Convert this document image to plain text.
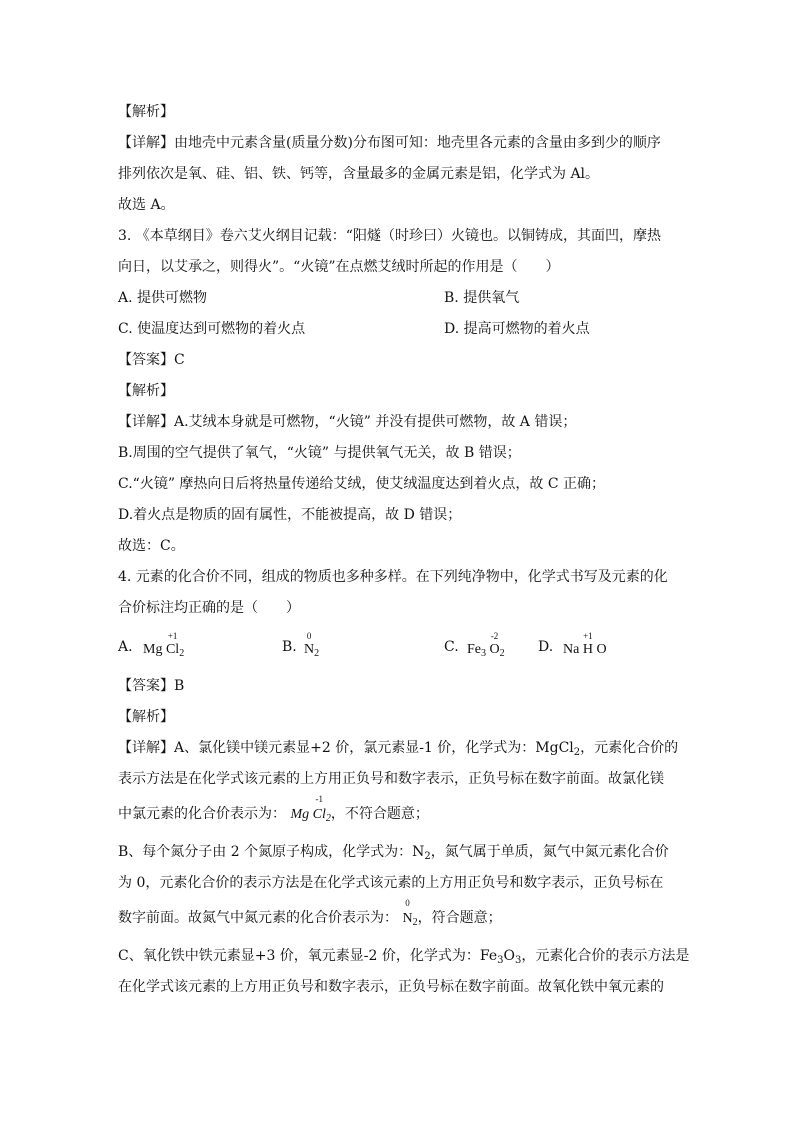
【解析】
【详解】由地壳中元素含量(质量分数)分布图可知：地壳里各元素的含量由多到少的顺序
排列依次是氧、硅、铝、铁、钙等，含量最多的金属元素是铝，化学式为 Al。
故选 A。
3. 《本草纲目》卷六艾火纲目记载：“阳燧（时珍曰）火镜也。以铜铸成，其面凹，摩热
向日，以艾承之，则得火”。“火镜”在点燃艾绒时所起的作用是（　　）
A. 提供可燃物	B. 提供氧气
C. 使温度达到可燃物的着火点	D. 提高可燃物的着火点
【答案】C
【解析】
【详解】A.艾绒本身就是可燃物，“火镜” 并没有提供可燃物，故 A 错误；
B.周围的空气提供了氧气，“火镜” 与提供氧气无关，故 B 错误；
C.“火镜” 摩热向日后将热量传递给艾绒，使艾绒温度达到着火点，故 C 正确；
D.着火点是物质的固有属性，不能被提高，故 D 错误；
故选：C。
4. 元素的化合价不同，组成的物质也多种多样。在下列纯净物中，化学式书写及元素的化
合价标注均正确的是（　　）
A. Mg
+1
$Cl_2$	B.
0
$N_2$	C. $Fe_3$
-2
$O_2$ D. Na
+1
H O
【答案】B
【解析】
【详解】A、氯化镁中镁元素显+2 价，氯元素显-1 价，化学式为：MgCl$_2$，元素化合价的
表示方法是在化学式该元素的上方用正负号和数字表示，正负号标在数字前面。故氯化镁
中氯元素的化合价表示为： Mg
-1
$Cl_2$，不符合题意；
B、每个氮分子由 2 个氮原子构成，化学式为：$N_2$，氮气属于单质，氮气中氮元素化合价
为 0，元素化合价的表示方法是在化学式该元素的上方用正负号和数字表示，正负号标在
数字前面。故氮气中氮元素的化合价表示为：
0
$N_2$，符合题意；
C、氧化铁中铁元素显+3 价，氧元素显-2 价，化学式为：$Fe_3O_3$，元素化合价的表示方法是
在化学式该元素的上方用正负号和数字表示，正负号标在数字前面。故氧化铁中氧元素的
